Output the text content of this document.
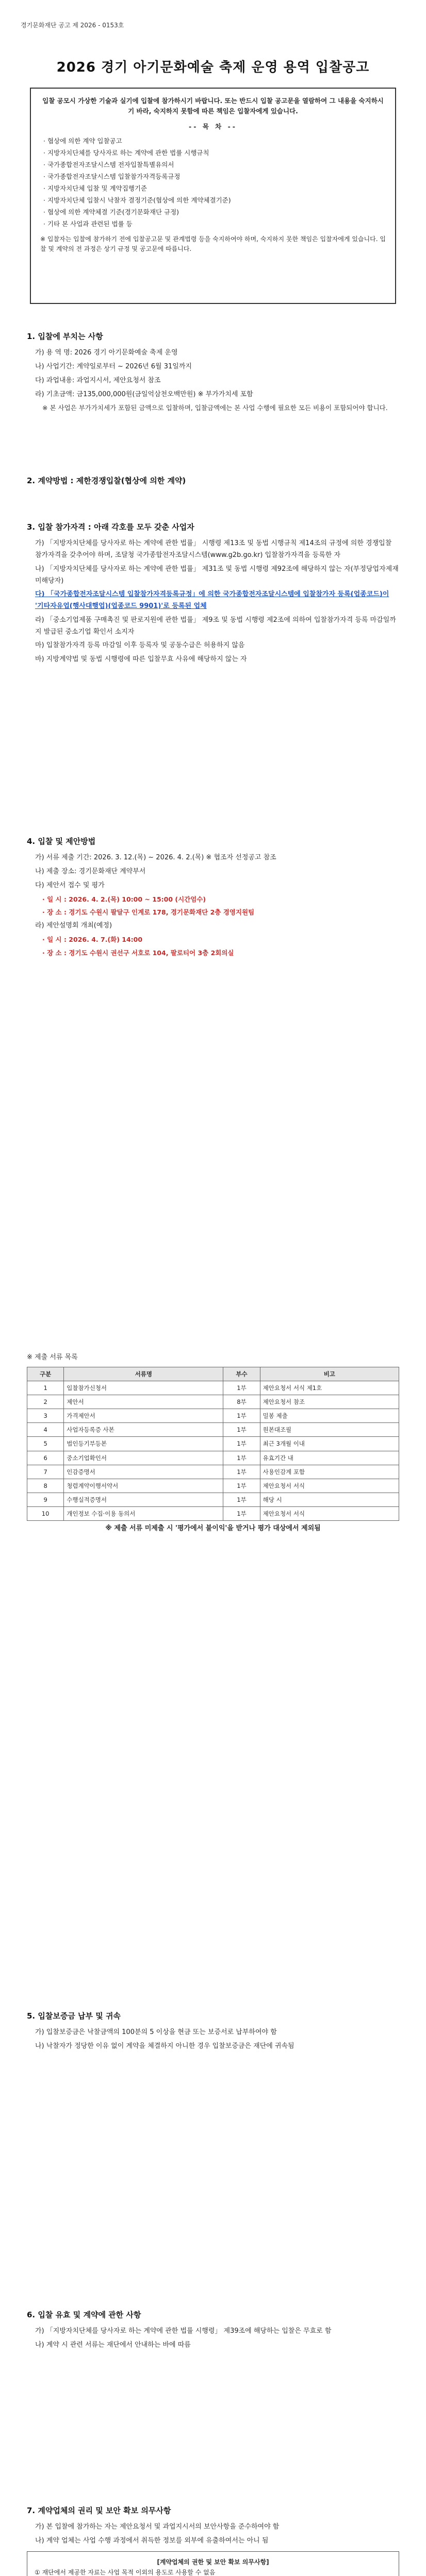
경기문화재단 공고 제 2026 - 0153호
2026 경기 아기문화예술 축제 운영 용역 입찰공고
입찰 공모시 가상한 기술과 실기에 입찰에 참가하시기 바랍니다. 또는 반드시 입찰 공고문을 열람하여 그 내용을 숙지하시기 바라, 숙지하지 못함에 따른 책임은 입찰자에게 있습니다.
-- 목 차 --
· 협상에 의한 계약 입찰공고
· 지방자치단체를 당사자로 하는 계약에 관한 법률 시행규칙
· 국가종합전자조달시스템 전자입찰특별유의서
· 국가종합전자조달시스템 입찰참가자격등록규정
· 지방자치단체 입찰 및 계약집행기준
· 지방자치단체 입찰시 낙찰자 결정기준(협상에 의한 계약체결기준)
· 협상에 의한 계약체결 기준(경기문화재단 규정)
· 기타 본 사업과 관련된 법률 등
※ 입찰자는 입찰에 참가하기 전에 입찰공고문 및 관계법령 등을 숙지하여야 하며, 숙지하지 못한 책임은 입찰자에게 있습니다. 입찰 및 계약의 전 과정은 상기 규정 및 공고문에 따릅니다.
1. 입찰에 부치는 사항

가) 용 역 명: 2026 경기 아기문화예술 축제 운영

나) 사업기간: 계약일로부터 ~ 2026년 6월 31일까지

다) 과업내용: 과업지시서, 제안요청서 참조

라) 기초금액: 금135,000,000원(금일억삼천오백만원) ※ 부가가치세 포함

※ 본 사업은 부가가치세가 포함된 금액으로 입찰하며, 입찰금액에는 본 사업 수행에 필요한 모든 비용이 포함되어야 합니다.

2. 계약방법 : 제한경쟁입찰(협상에 의한 계약)
3. 입찰 참가자격 : 아래 각호를 모두 갖춘 사업자

가) 「지방자치단체를 당사자로 하는 계약에 관한 법률」 시행령 제13조 및 동법 시행규칙 제14조의 규정에 의한 경쟁입찰 참가자격을 갖추어야 하며, 조달청 국가종합전자조달시스템(www.g2b.go.kr) 입찰참가자격을 등록한 자

나) 「지방자치단체를 당사자로 하는 계약에 관한 법률」 제31조 및 동법 시행령 제92조에 해당하지 않는 자(부정당업자제재 미해당자)

다) 「국가종합전자조달시스템 입찰참가자격등록규정」에 의한 국가종합전자조달시스템에 입찰참가자 등록(업종코드)이 '기타자유업(행사대행업)(업종코드 9901)'로 등록된 업체

라) 「중소기업제품 구매촉진 및 판로지원에 관한 법률」 제9조 및 동법 시행령 제2조에 의하여 입찰참가자격 등록 마감일까지 발급된 중소기업 확인서 소지자

마) 입찰참가자격 등록 마감일 이후 등록자 및 공동수급은 허용하지 않음

바) 지방계약법 및 동법 시행령에 따른 입찰무효 사유에 해당하지 않는 자

4. 입찰 및 제안방법

가) 서류 제출 기간: 2026. 3. 12.(목) ~ 2026. 4. 2.(목) ※ 협조자 선정공고 참조

나) 제출 장소: 경기문화재단 계약부서

다) 제안서 접수 및 평가

· 일 시 : 2026. 4. 2.(목) 10:00 ~ 15:00 (시간엄수)

· 장 소 : 경기도 수원시 팔달구 인계로 178, 경기문화재단 2층 경영지원팀

라) 제안설명회 개최(예정)

· 일 시 : 2026. 4. 7.(화) 14:00

· 장 소 : 경기도 수원시 권선구 서호로 104, 팔로티어 3층 2회의실

※ 제출 서류 목록

구분	서류명	부수	비고
1	입찰참가신청서	1부	제안요청서 서식 제1호
2	제안서	8부	제안요청서 참조
3	가격제안서	1부	밀봉 제출
4	사업자등록증 사본	1부	원본대조필
5	법인등기부등본	1부	최근 3개월 이내
6	중소기업확인서	1부	유효기간 내
7	인감증명서	1부	사용인감계 포함
8	청렴계약이행서약서	1부	제안요청서 서식
9	수행실적증명서	1부	해당 시
10	개인정보 수집·이용 동의서	1부	제안요청서 서식

※ 제출 서류 미제출 시 '평가에서 불이익'을 받거나 평가 대상에서 제외됨

5. 입찰보증금 납부 및 귀속

가) 입찰보증금은 낙찰금액의 100분의 5 이상을 현금 또는 보증서로 납부하여야 함

나) 낙찰자가 정당한 이유 없이 계약을 체결하지 아니한 경우 입찰보증금은 재단에 귀속됨

6. 입찰 유효 및 계약에 관한 사항

가) 「지방자치단체를 당사자로 하는 계약에 관한 법률 시행령」 제39조에 해당하는 입찰은 무효로 함

나) 계약 시 관련 서류는 재단에서 안내하는 바에 따름

7. 계약업체의 권리 및 보안 확보 의무사항

가) 본 입찰에 참가하는 자는 제안요청서 및 과업지시서의 보안사항을 준수하여야 함

나) 계약 업체는 사업 수행 과정에서 취득한 정보를 외부에 유출하여서는 아니 됨

[계약업체의 권한 및 보안 확보 의무사항]
① 재단에서 제공한 자료는 사업 목적 이외의 용도로 사용할 수 없음
